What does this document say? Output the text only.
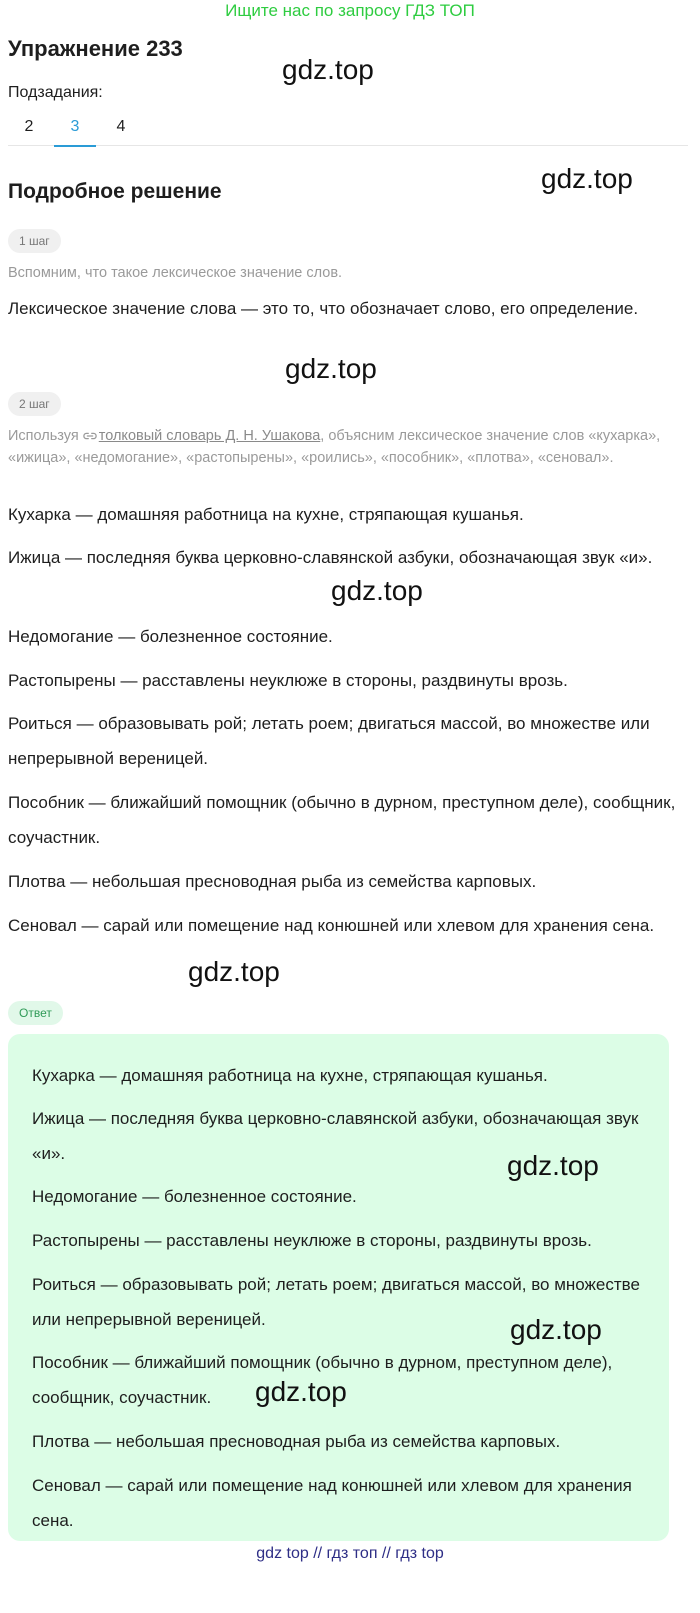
Ищите нас по запросу ГДЗ ТОП
Упражнение 233
Подзадания:
2	3	4
Подробное решение
1 шаг
Вспомним, что такое лексическое значение слов.
Лексическое значение слова — это то, что обозначает слово, его определение.
2 шаг
Используя толковый словарь Д. Н. Ушакова, объясним лексическое значение слов «кухарка», «ижица», «недомогание», «растопырены», «роились», «пособник», «плотва», «сеновал».
Кухарка — домашняя работница на кухне, стряпающая кушанья.
Ижица — последняя буква церковно-славянской азбуки, обозначающая звук «и».
Недомогание — болезненное состояние.
Растопырены — расставлены неуклюже в стороны, раздвинуты врозь.
Роиться — образовывать рой; летать роем; двигаться массой, во множестве или непрерывной вереницей.
Пособник — ближайший помощник (обычно в дурном, преступном деле), сообщник, соучастник.
Плотва — небольшая пресноводная рыба из семейства карповых.
Сеновал — сарай или помещение над конюшней или хлевом для хранения сена.
Ответ
Кухарка — домашняя работница на кухне, стряпающая кушанья.
Ижица — последняя буква церковно-славянской азбуки, обозначающая звук «и».
Недомогание — болезненное состояние.
Растопырены — расставлены неуклюже в стороны, раздвинуты врозь.
Роиться — образовывать рой; летать роем; двигаться массой, во множестве или непрерывной вереницей.
Пособник — ближайший помощник (обычно в дурном, преступном деле), сообщник, соучастник.
Плотва — небольшая пресноводная рыба из семейства карповых.
Сеновал — сарай или помещение над конюшней или хлевом для хранения сена.
gdz.top
gdz.top
gdz.top
gdz.top
gdz.top
gdz.top
gdz.top
gdz.top
gdz top // гдз топ // гдз top
